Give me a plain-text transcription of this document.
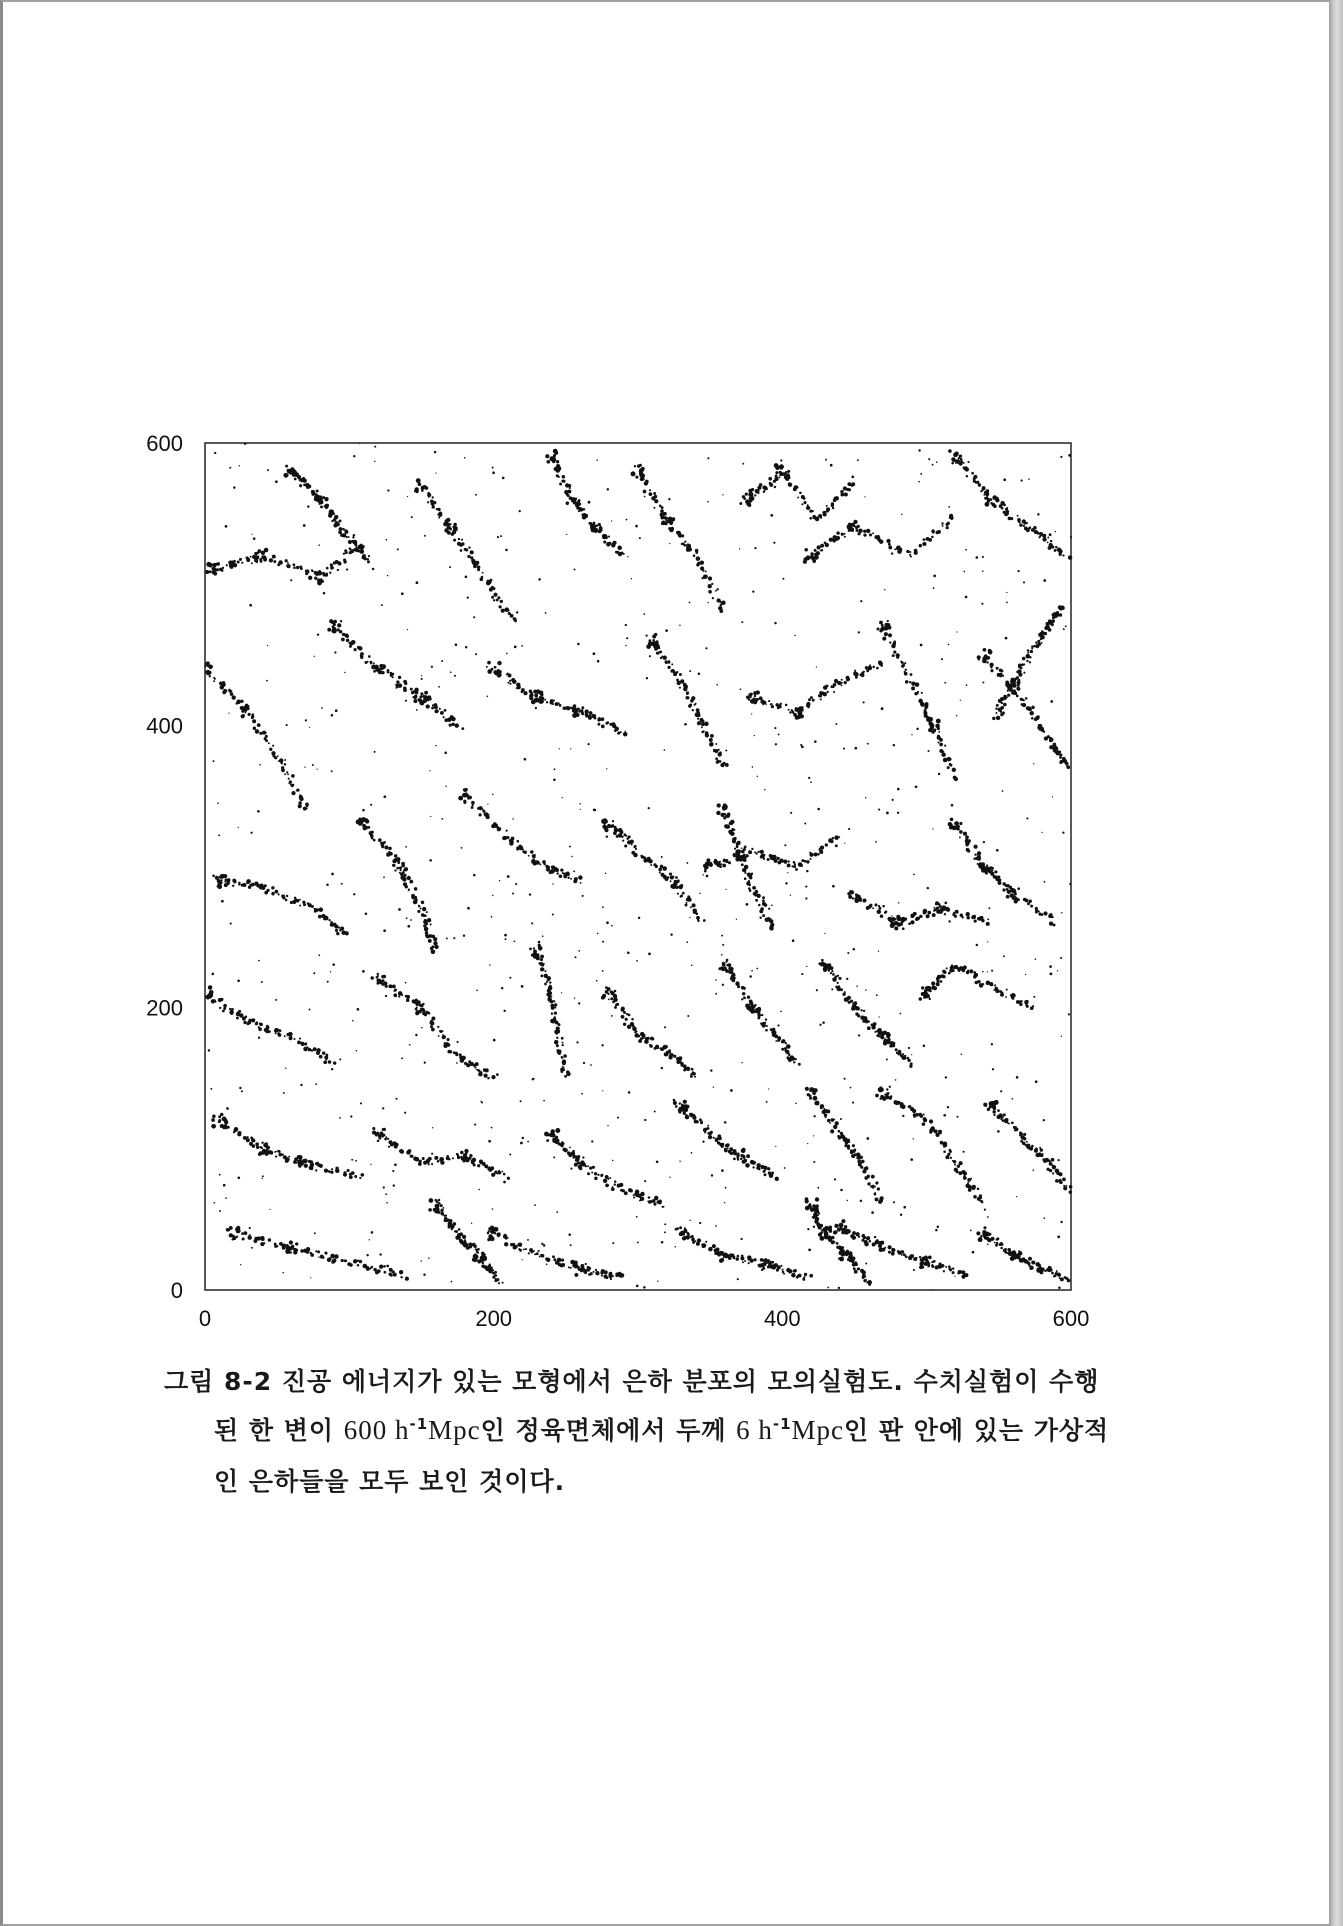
0	200	400	600
0
200
400
600
그림 8-2 진공 에너지가 있는 모형에서 은하 분포의 모의실험도. 수치실험이 수행
된 한 변이 600 $h^{-1}Mpc$인 정육면체에서 두께 6 $h^{-1}Mpc$인 판 안에 있는 가상적
인 은하들을 모두 보인 것이다.
